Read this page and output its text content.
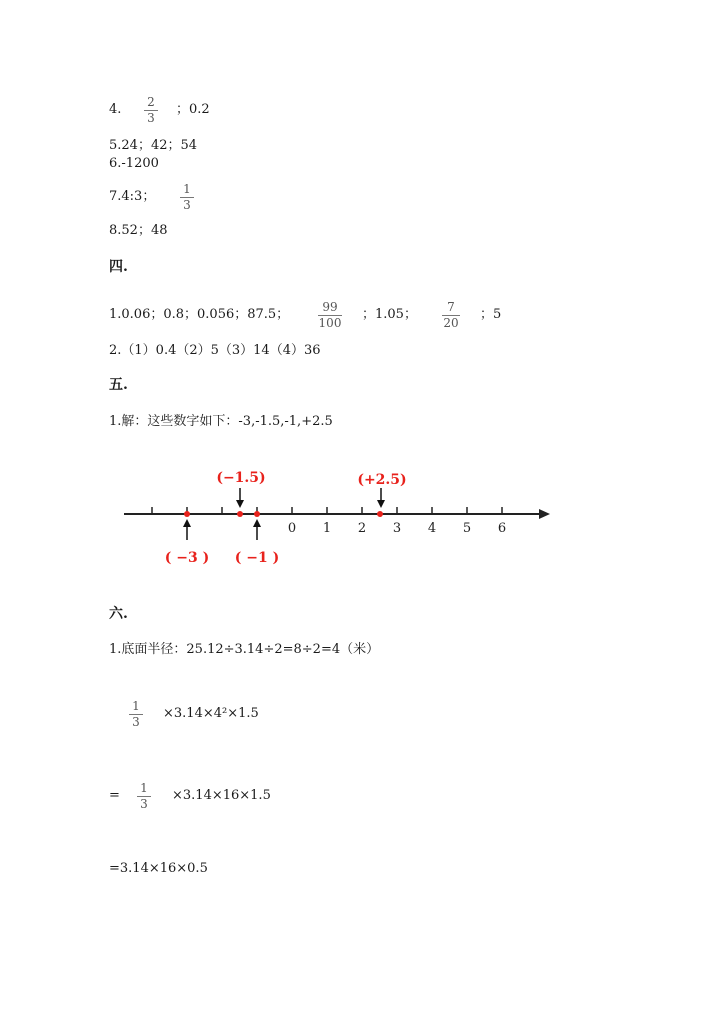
4. 2
3
；0.2
5.24；42；54
6.-1200
7.4:3； 1
3
8.52；48
四.
1.0.06；0.8；0.056；87.5；	99
100
；1.05；	7
20
；5
2.（1）0.4（2）5（3）14（4）36
五.
1.解：这些数字如下：-3,-1.5,-1,+2.5
0 1 2 3 4 5 6
(−1.5)	(+2.5)
( −3 ) ( −1 )
六.
1.底面半径：25.12÷3.14÷2=8÷2=4（米）
1
3
×3.14×4²×1.5
= 1
3
×3.14×16×1.5
=3.14×16×0.5
